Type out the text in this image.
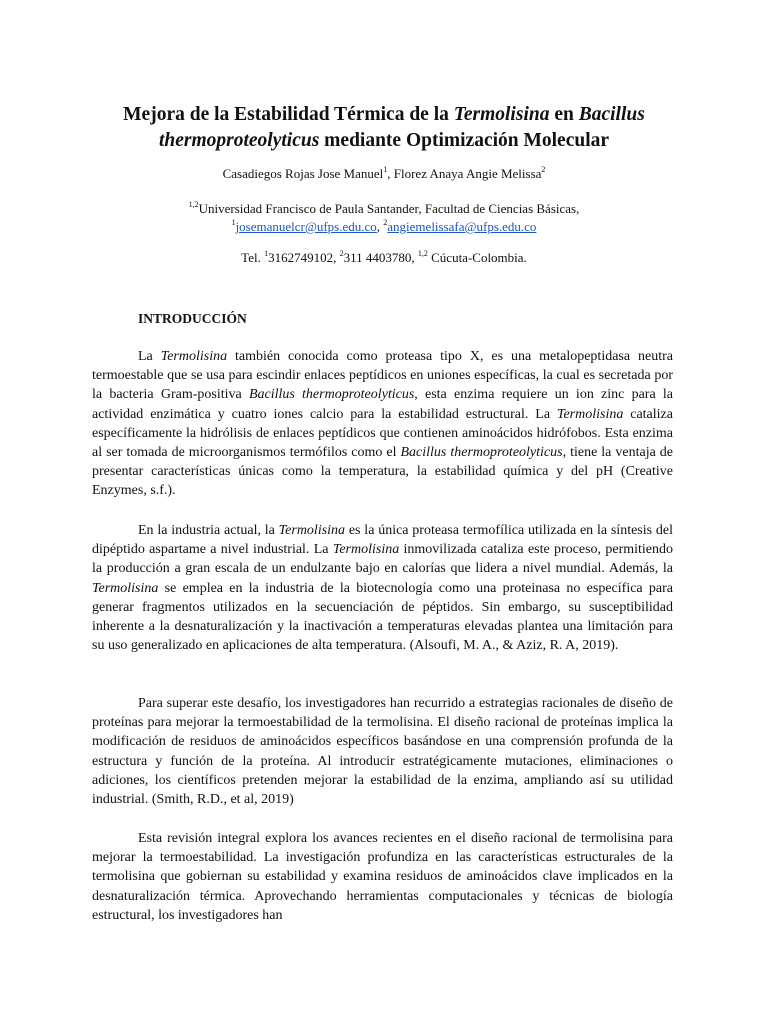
Mejora de la Estabilidad Térmica de la Termolisina en Bacillus
thermoproteolyticus mediante Optimización Molecular
Casadiegos Rojas Jose Manuel$^1$, Florez Anaya Angie Melissa$^2$
$^{1,2}$Universidad Francisco de Paula Santander, Facultad de Ciencias Básicas,
$^1$josemanuelcr@ufps.edu.co, $^2$angiemelissafa@ufps.edu.co
Tel. $^1$3162749102, $^2$311 4403780, $^{1,2}$ Cúcuta-Colombia.
INTRODUCCIÓN

La Termolisina también conocida como proteasa tipo X, es una metalopeptidasa neutra termoestable que se usa para escindir enlaces peptídicos en uniones específicas, la cual es secretada por la bacteria Gram-positiva Bacillus thermoproteolyticus, esta enzima requiere un ion zinc para la actividad enzimática y cuatro iones calcio para la estabilidad estructural. La Termolisina cataliza específicamente la hidrólisis de enlaces peptídicos que contienen aminoácidos hidrófobos. Esta enzima al ser tomada de microorganismos termófilos como el Bacillus thermoproteolyticus, tiene la ventaja de presentar características únicas como la temperatura, la estabilidad química y del pH (Creative Enzymes, s.f.).

En la industria actual, la Termolisina es la única proteasa termofílica utilizada en la síntesis del dipéptido aspartame a nivel industrial. La Termolisina inmovilizada cataliza este proceso, permitiendo la producción a gran escala de un endulzante bajo en calorías que lidera a nivel mundial. Además, la Termolisina se emplea en la industria de la biotecnología como una proteinasa no específica para generar fragmentos utilizados en la secuenciación de péptidos. Sin embargo, su susceptibilidad inherente a la desnaturalización y la inactivación a temperaturas elevadas plantea una limitación para su uso generalizado en aplicaciones de alta temperatura. (Alsoufi, M. A., & Aziz, R. A, 2019).

Para superar este desafío, los investigadores han recurrido a estrategias racionales de diseño de proteínas para mejorar la termoestabilidad de la termolisina. El diseño racional de proteínas implica la modificación de residuos de aminoácidos específicos basándose en una comprensión profunda de la estructura y función de la proteína. Al introducir estratégicamente mutaciones, eliminaciones o adiciones, los científicos pretenden mejorar la estabilidad de la enzima, ampliando así su utilidad industrial. (Smith, R.D., et al, 2019)

Esta revisión integral explora los avances recientes en el diseño racional de termolisina para mejorar la termoestabilidad. La investigación profundiza en las características estructurales de la termolisina que gobiernan su estabilidad y examina residuos de aminoácidos clave implicados en la desnaturalización térmica. Aprovechando herramientas computacionales y técnicas de biología estructural, los investigadores han
